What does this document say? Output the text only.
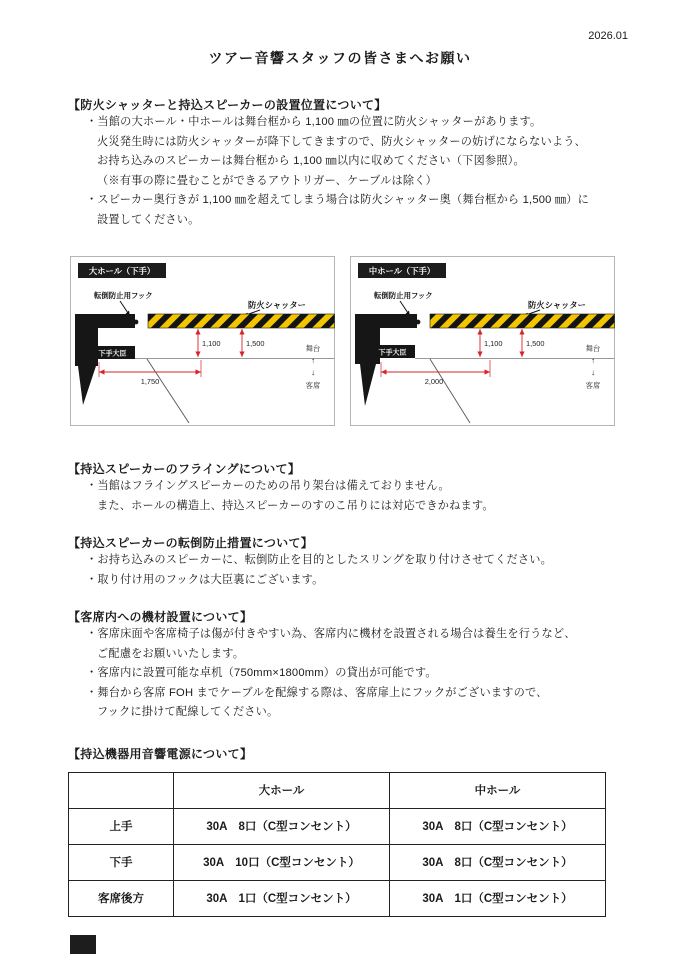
2026.01
ツアー音響スタッフの皆さまへお願い
【防火シャッターと持込スピーカーの設置位置について】
・当館の大ホール・中ホールは舞台框から 1,100 ㎜の位置に防火シャッターがあります。
火災発生時には防火シャッターが降下してきますので、防火シャッターの妨げにならないよう、
お持ち込みのスピーカーは舞台框から 1,100 ㎜以内に収めてください（下図参照）。
（※有事の際に畳むことができるアウトリガー、ケーブルは除く）
・スピーカー奥行きが 1,100 ㎜を超えてしまう場合は防火シャッター奥（舞台框から 1,500 ㎜）に
設置してください。
大ホール（下手）
転倒防止用フック
防火シャッター
下手大臣
1,100	1,500
1,750
舞台
↑
↓
客席
中ホール（下手）
転倒防止用フック
防火シャッター
下手大臣
1,100	1,500
2,000
舞台
↑
↓
客席
【持込スピーカーのフライングについて】
・当館はフライングスピーカーのための吊り架台は備えておりません。
また、ホールの構造上、持込スピーカーのすのこ吊りには対応できかねます。
【持込スピーカーの転倒防止措置について】
・お持ち込みのスピーカーに、転倒防止を目的としたスリングを取り付けさせてください。
・取り付け用のフックは大臣裏にございます。
【客席内への機材設置について】
・客席床面や客席椅子は傷が付きやすい為、客席内に機材を設置される場合は養生を行うなど、
ご配慮をお願いいたします。
・客席内に設置可能な卓机（750mm×1800mm）の貸出が可能です。
・舞台から客席 FOH までケーブルを配線する際は、客席扉上にフックがございますので、
フックに掛けて配線してください。
【持込機器用音響電源について】
	大ホール	中ホール
上手	30A　8口（C型コンセント）	30A　8口（C型コンセント）
下手	30A　10口（C型コンセント）	30A　8口（C型コンセント）
客席後方	30A　1口（C型コンセント）	30A　1口（C型コンセント）
